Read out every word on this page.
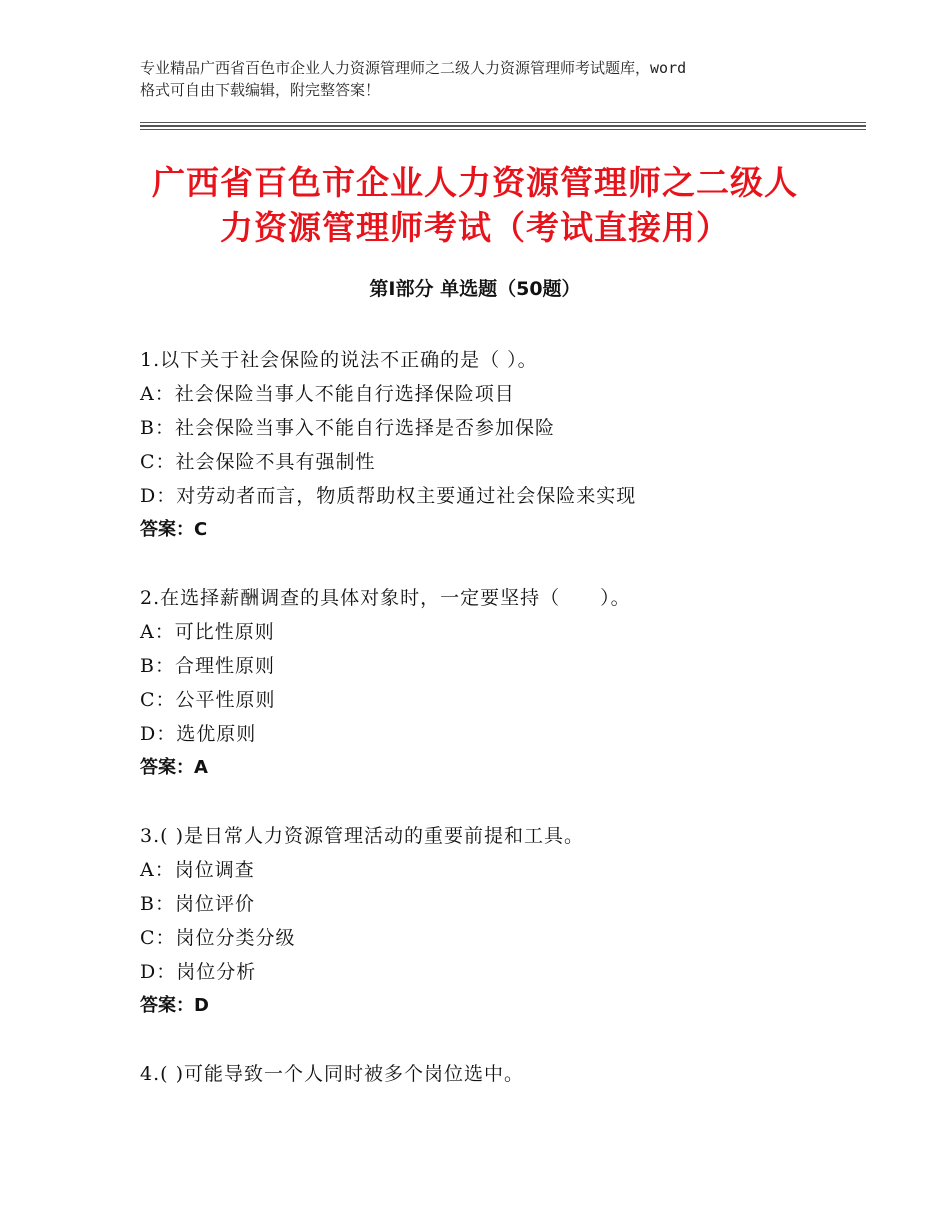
专业精品广西省百色市企业人力资源管理师之二级人力资源管理师考试题库，word
格式可自由下载编辑，附完整答案！
广西省百色市企业人力资源管理师之二级人
力资源管理师考试（考试直接用）
第Ⅰ部分 单选题（50题）
1.以下关于社会保险的说法不正确的是（ ）。
A：社会保险当事人不能自行选择保险项目
B：社会保险当事入不能自行选择是否参加保险
C：社会保险不具有强制性
D：对劳动者而言，物质帮助权主要通过社会保险来实现
答案：C
2.在选择薪酬调查的具体对象时，一定要坚持（　　）。
A：可比性原则
B：合理性原则
C：公平性原则
D：选优原则
答案：A
3.( )是日常人力资源管理活动的重要前提和工具。
A：岗位调查
B：岗位评价
C：岗位分类分级
D：岗位分析
答案：D
4.( )可能导致一个人同时被多个岗位选中。
